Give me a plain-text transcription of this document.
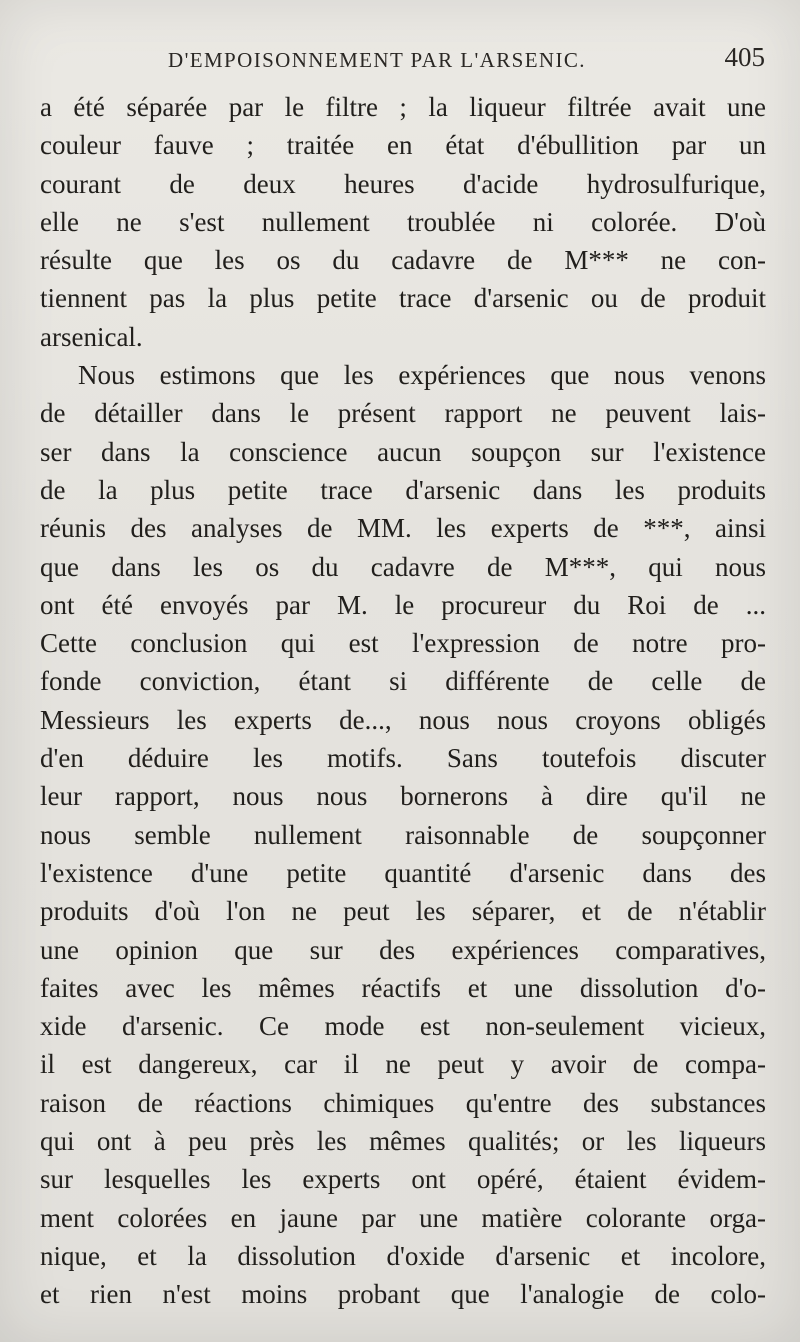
D'EMPOISONNEMENT PAR L'ARSENIC.	405
a été séparée par le filtre ; la liqueur filtrée avait une
couleur fauve ; traitée en état d'ébullition par un
courant de deux heures d'acide hydrosulfurique,
elle ne s'est nullement troublée ni colorée. D'où
résulte que les os du cadavre de M*** ne con-
tiennent pas la plus petite trace d'arsenic ou de produit
arsenical.
Nous estimons que les expériences que nous venons
de détailler dans le présent rapport ne peuvent lais-
ser dans la conscience aucun soupçon sur l'existence
de la plus petite trace d'arsenic dans les produits
réunis des analyses de MM. les experts de ***, ainsi
que dans les os du cadavre de M***, qui nous
ont été envoyés par M. le procureur du Roi de ...
Cette conclusion qui est l'expression de notre pro-
fonde conviction, étant si différente de celle de
Messieurs les experts de..., nous nous croyons obligés
d'en déduire les motifs. Sans toutefois discuter
leur rapport, nous nous bornerons à dire qu'il ne
nous semble nullement raisonnable de soupçonner
l'existence d'une petite quantité d'arsenic dans des
produits d'où l'on ne peut les séparer, et de n'établir
une opinion que sur des expériences comparatives,
faites avec les mêmes réactifs et une dissolution d'o-
xide d'arsenic. Ce mode est non-seulement vicieux,
il est dangereux, car il ne peut y avoir de compa-
raison de réactions chimiques qu'entre des substances
qui ont à peu près les mêmes qualités; or les liqueurs
sur lesquelles les experts ont opéré, étaient évidem-
ment colorées en jaune par une matière colorante orga-
nique, et la dissolution d'oxide d'arsenic et incolore,
et rien n'est moins probant que l'analogie de colo-
